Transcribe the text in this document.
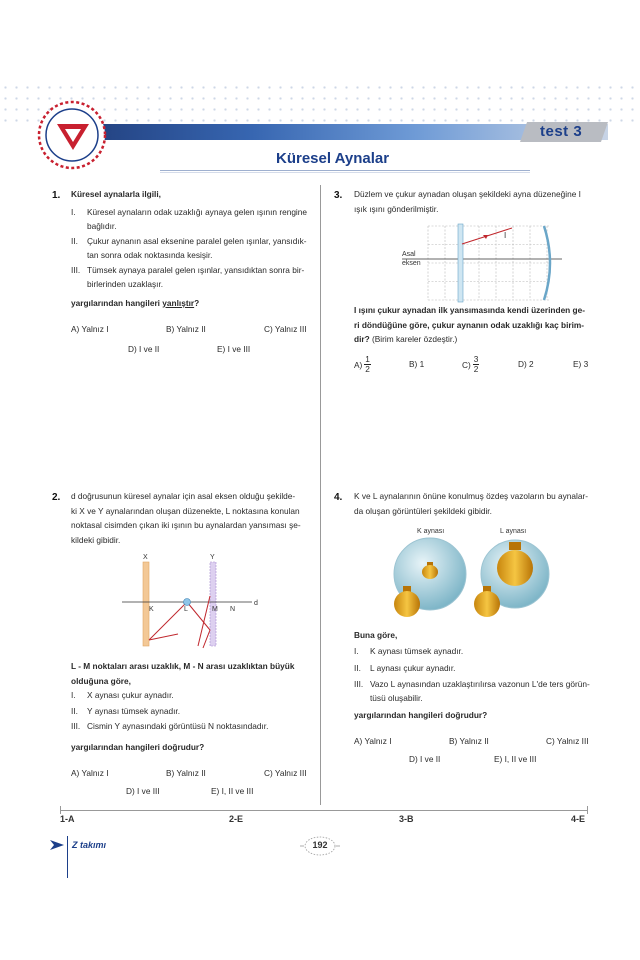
test 3
Küresel Aynalar
1. Küresel aynalarla ilgili,
I.	Küresel aynaların odak uzaklığı aynaya gelen ışının rengine
bağlıdır.
II.	Çukur aynanın asal eksenine paralel gelen ışınlar, yansıdık-
tan sonra odak noktasında kesişir.
III. Tümsek aynaya paralel gelen ışınlar, yansıdıktan sonra bir-
birlerinden uzaklaşır.
yargılarından hangileri yanlıştır?
A) Yalnız I	B) Yalnız II	C) Yalnız III
D) I ve II	E) I ve III
3. Düzlem ve çukur aynadan oluşan şekildeki ayna düzeneğine I
ışık ışını gönderilmiştir.
Asal
eksen
I
I ışını çukur aynadan ilk yansımasında kendi üzerinden ge-
ri döndüğüne göre, çukur aynanın odak uzaklığı kaç birim-
dir? (Birim kareler özdeştir.)
$A) \frac{1}{2}$	B) 1	$C) \frac{3}{2}$	D) 2	E) 3
2. d doğrusunun küresel aynalar için asal eksen olduğu şekilde-
ki X ve Y aynalarından oluşan düzenekte, L noktasına konulan
noktasal cisimden çıkan iki ışının bu aynalardan yansıması şe-
kildeki gibidir.
X	Y
K	L	M N
d
L - M noktaları arası uzaklık, M - N arası uzaklıktan büyük
olduğuna göre,
I.	X aynası çukur aynadır.
II.	Y aynası tümsek aynadır.
III. Cismin Y aynasındaki görüntüsü N noktasındadır.
yargılarından hangileri doğrudur?
A) Yalnız I	B) Yalnız II	C) Yalnız III
D) I ve III	E) I, II ve III
4. K ve L aynalarının önüne konulmuş özdeş vazoların bu aynalar-
da oluşan görüntüleri şekildeki gibidir.
K aynası	L aynası
Buna göre,
I.	K aynası tümsek aynadır.
II.	L aynası çukur aynadır.
III. Vazo L aynasından uzaklaştırılırsa vazonun L'de ters görün-
tüsü oluşabilir.
yargılarından hangileri doğrudur?
A) Yalnız I	B) Yalnız II	C) Yalnız III
D) I ve II	E) I, II ve III
1-A	2-E	3-B	4-E
Z takımı	192
